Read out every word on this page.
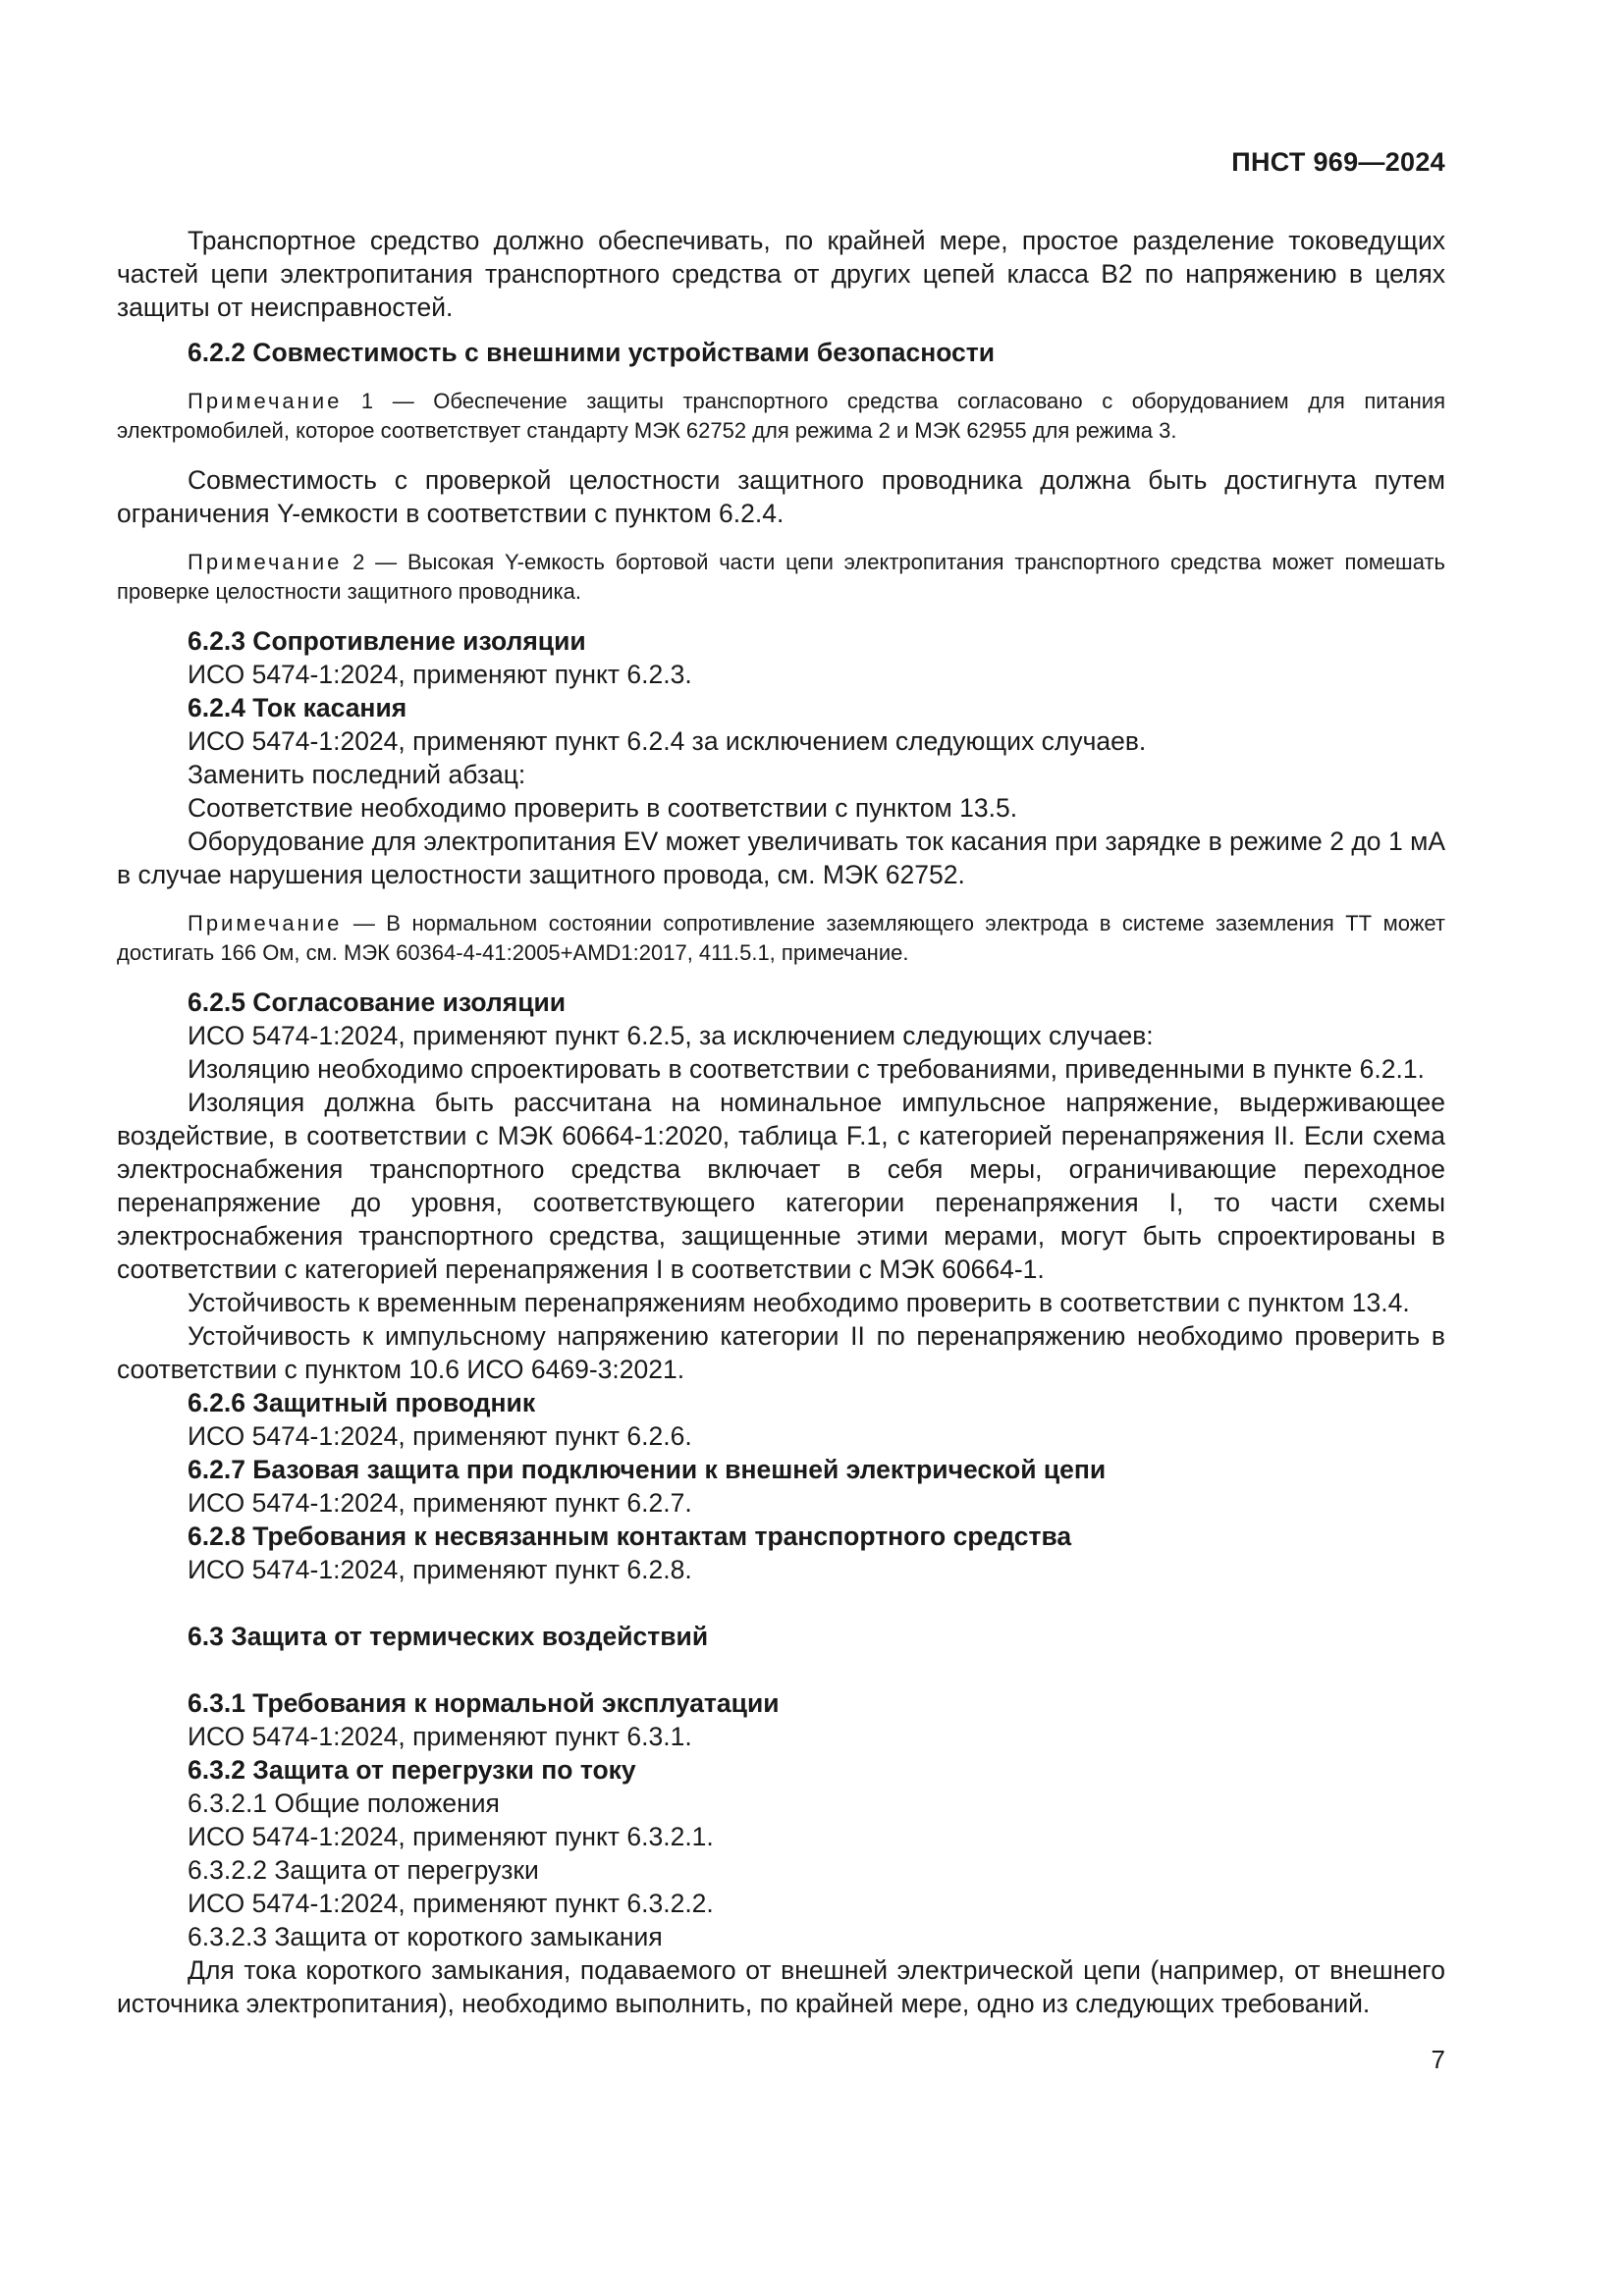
ПНСТ 969—2024

Транспортное средство должно обеспечивать, по крайней мере, простое разделение токоведущих частей цепи электропитания транспортного средства от других цепей класса В2 по напряжению в целях защиты от неисправностей.

6.2.2 Совместимость с внешними устройствами безопасности

Примечание 1 — Обеспечение защиты транспортного средства согласовано с оборудованием для питания электромобилей, которое соответствует стандарту МЭК 62752 для режима 2 и МЭК 62955 для режима 3.

Совместимость с проверкой целостности защитного проводника должна быть достигнута путем ограничения Y-емкости в соответствии с пунктом 6.2.4.

Примечание 2 — Высокая Y-емкость бортовой части цепи электропитания транспортного средства может помешать проверке целостности защитного проводника.

6.2.3 Сопротивление изоляции

ИСО 5474-1:2024, применяют пункт 6.2.3.

6.2.4 Ток касания

ИСО 5474-1:2024, применяют пункт 6.2.4 за исключением следующих случаев.

Заменить последний абзац:

Соответствие необходимо проверить в соответствии с пунктом 13.5.

Оборудование для электропитания EV может увеличивать ток касания при зарядке в режиме 2 до 1 мА в случае нарушения целостности защитного провода, см. МЭК 62752.

Примечание — В нормальном состоянии сопротивление заземляющего электрода в системе заземления ТТ может достигать 166 Ом, см. МЭК 60364-4-41:2005+AMD1:2017, 411.5.1, примечание.

6.2.5 Согласование изоляции

ИСО 5474-1:2024, применяют пункт 6.2.5, за исключением следующих случаев:

Изоляцию необходимо спроектировать в соответствии с требованиями, приведенными в пункте 6.2.1.

Изоляция должна быть рассчитана на номинальное импульсное напряжение, выдерживающее воздействие, в соответствии с МЭК 60664-1:2020, таблица F.1, с категорией перенапряжения II. Если схема электроснабжения транспортного средства включает в себя меры, ограничивающие переходное перенапряжение до уровня, соответствующего категории перенапряжения I, то части схемы электроснабжения транспортного средства, защищенные этими мерами, могут быть спроектированы в соответствии с категорией перенапряжения I в соответствии с МЭК 60664-1.

Устойчивость к временным перенапряжениям необходимо проверить в соответствии с пунктом 13.4.

Устойчивость к импульсному напряжению категории II по перенапряжению необходимо проверить в соответствии с пунктом 10.6 ИСО 6469-3:2021.

6.2.6 Защитный проводник

ИСО 5474-1:2024, применяют пункт 6.2.6.

6.2.7 Базовая защита при подключении к внешней электрической цепи

ИСО 5474-1:2024, применяют пункт 6.2.7.

6.2.8 Требования к несвязанным контактам транспортного средства

ИСО 5474-1:2024, применяют пункт 6.2.8.

6.3 Защита от термических воздействий

6.3.1 Требования к нормальной эксплуатации

ИСО 5474-1:2024, применяют пункт 6.3.1.

6.3.2 Защита от перегрузки по току

6.3.2.1 Общие положения

ИСО 5474-1:2024, применяют пункт 6.3.2.1.

6.3.2.2 Защита от перегрузки

ИСО 5474-1:2024, применяют пункт 6.3.2.2.

6.3.2.3 Защита от короткого замыкания

Для тока короткого замыкания, подаваемого от внешней электрической цепи (например, от внешнего источника электропитания), необходимо выполнить, по крайней мере, одно из следующих требований.

7
